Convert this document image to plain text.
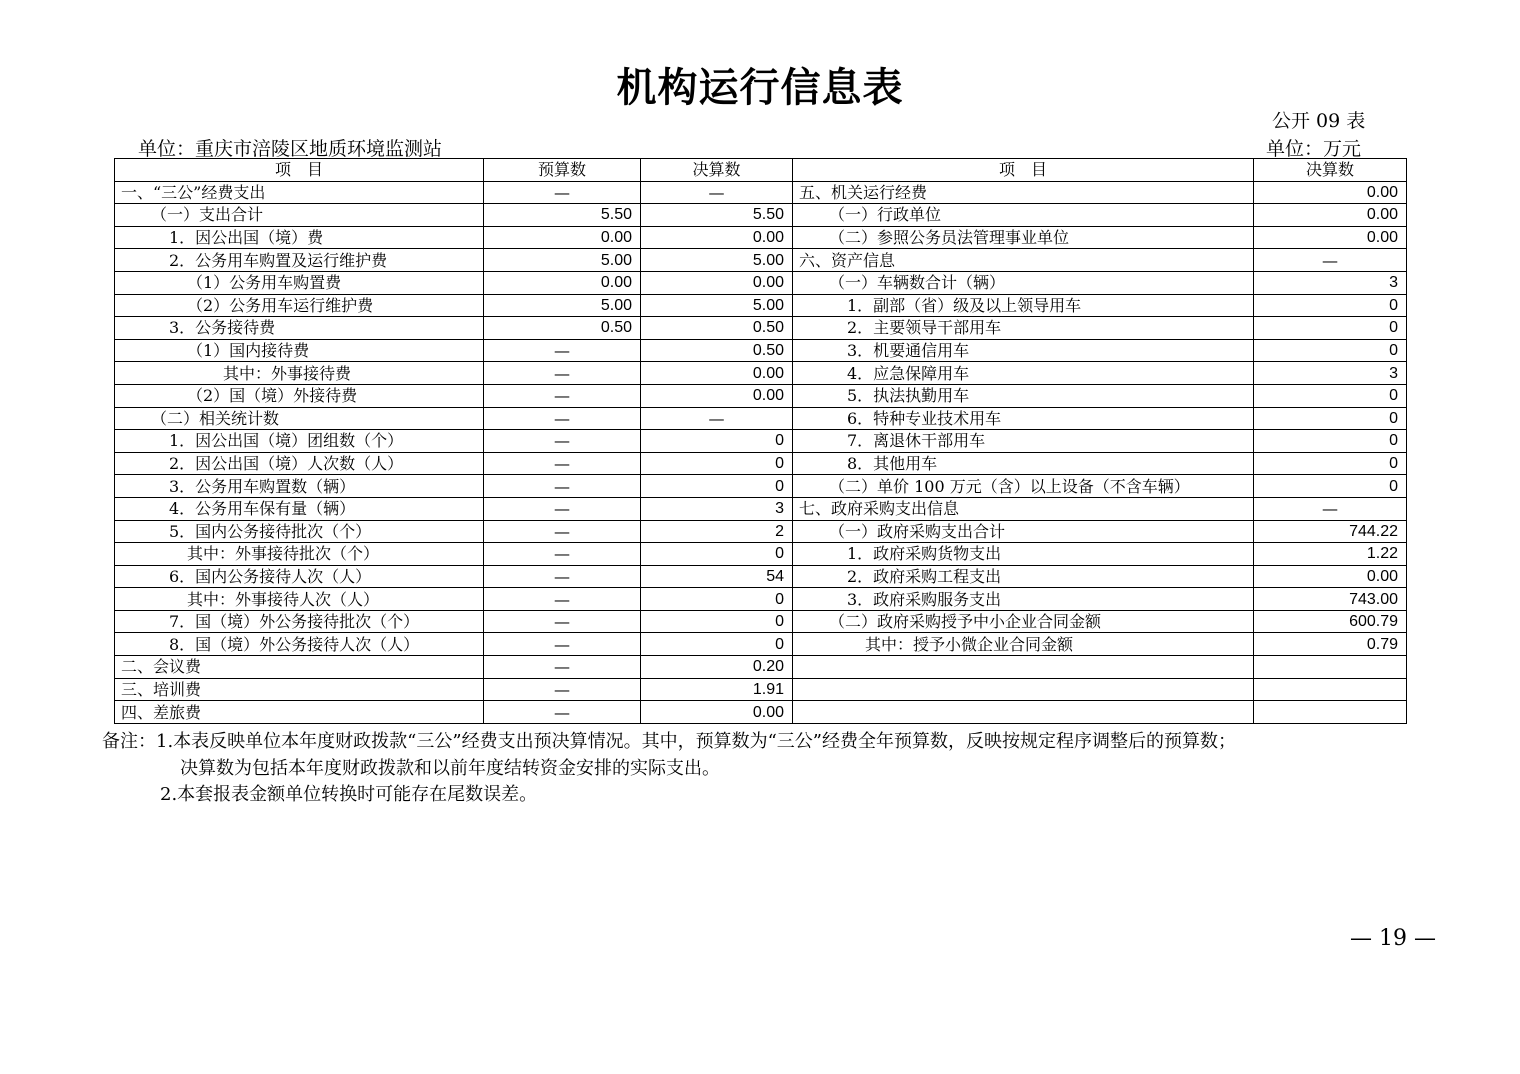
机构运行信息表
公开 09 表
单位：重庆市涪陵区地质环境监测站	单位：万元
项　目	预算数	决算数	项　目	决算数
一、“三公”经费支出	—	—	五、机关运行经费	0.00
（一）支出合计	5.50	5.50	（一）行政单位	0.00
1．因公出国（境）费	0.00	0.00	（二）参照公务员法管理事业单位	0.00
2．公务用车购置及运行维护费	5.00	5.00	六、资产信息	—
（1）公务用车购置费	0.00	0.00	（一）车辆数合计（辆）	3
（2）公务用车运行维护费	5.00	5.00	1．副部（省）级及以上领导用车	0
3．公务接待费	0.50	0.50	2．主要领导干部用车	0
（1）国内接待费	—	0.50	3．机要通信用车	0
其中：外事接待费	—	0.00	4．应急保障用车	3
（2）国（境）外接待费	—	0.00	5．执法执勤用车	0
（二）相关统计数	—	—	6．特种专业技术用车	0
1．因公出国（境）团组数（个）	—	0	7．离退休干部用车	0
2．因公出国（境）人次数（人）	—	0	8．其他用车	0
3．公务用车购置数（辆）	—	0	（二）单价 100 万元（含）以上设备（不含车辆）	0
4．公务用车保有量（辆）	—	3	七、政府采购支出信息	—
5．国内公务接待批次（个）	—	2	（一）政府采购支出合计	744.22
其中：外事接待批次（个）	—	0	1．政府采购货物支出	1.22
6．国内公务接待人次（人）	—	54	2．政府采购工程支出	0.00
其中：外事接待人次（人）	—	0	3．政府采购服务支出	743.00
7．国（境）外公务接待批次（个）	—	0	（二）政府采购授予中小企业合同金额	600.79
8．国（境）外公务接待人次（人）	—	0	其中：授予小微企业合同金额	0.79
二、会议费	—	0.20		
三、培训费	—	1.91		
四、差旅费	—	0.00		
备注：1.本表反映单位本年度财政拨款“三公”经费支出预决算情况。其中，预算数为“三公”经费全年预算数，反映按规定程序调整后的预算数；
决算数为包括本年度财政拨款和以前年度结转资金安排的实际支出。
2.本套报表金额单位转换时可能存在尾数误差。
— 19 —
